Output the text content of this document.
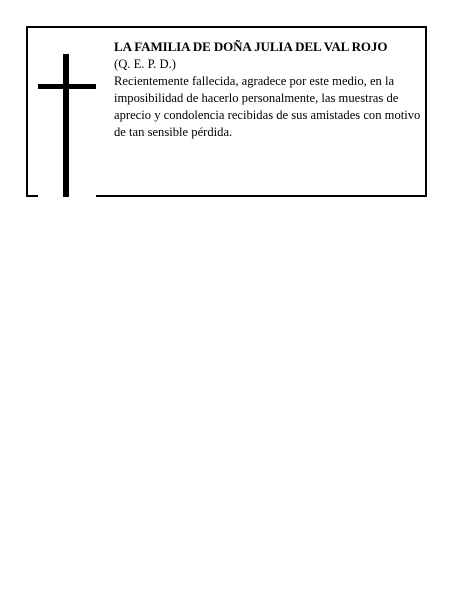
LA FAMILIA DE DOÑA JULIA DEL VAL ROJO

(Q. E. P. D.)

Recientemente fallecida, agradece por este medio, en la imposibilidad de hacerlo personalmente, las muestras de aprecio y condolencia recibidas de sus amistades con motivo de tan sensible pérdida.
